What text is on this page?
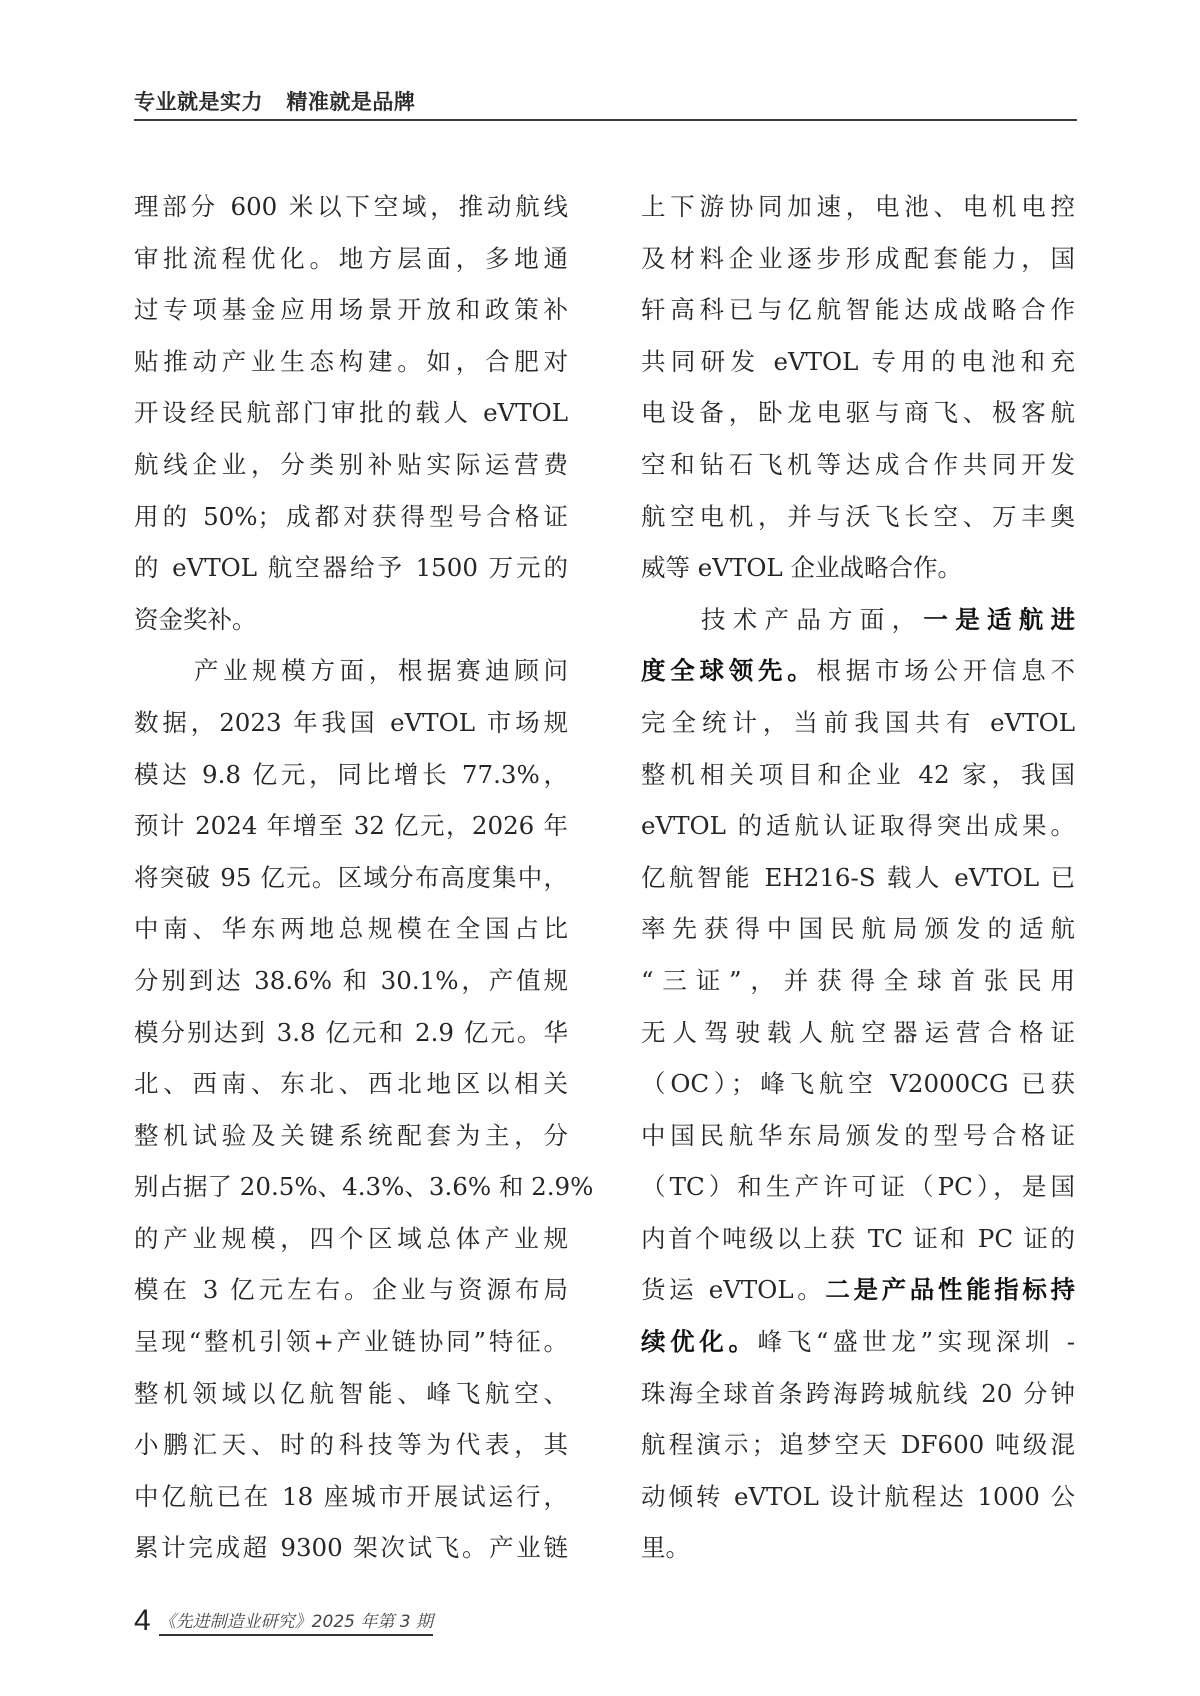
专业就是实力   精准就是品牌
理部分 600 米以下空域，推动航线
审批流程优化。地方层面，多地通
过专项基金应用场景开放和政策补
贴推动产业生态构建。如，合肥对
开设经民航部门审批的载人 eVTOL
航线企业，分类别补贴实际运营费
用的 50%；成都对获得型号合格证
的 eVTOL 航空器给予 1500 万元的
资金奖补。
产业规模方面，根据赛迪顾问
数据，2023 年我国 eVTOL 市场规
模达 9.8 亿元，同比增长 77.3%，
预计 2024 年增至 32 亿元，2026 年
将突破 95 亿元。区域分布高度集中，
中南、华东两地总规模在全国占比
分别到达 38.6% 和 30.1%，产值规
模分别达到 3.8 亿元和 2.9 亿元。华
北、西南、东北、西北地区以相关
整机试验及关键系统配套为主，分
别占据了 20.5%、4.3%、3.6% 和 2.9%
的产业规模，四个区域总体产业规
模在 3 亿元左右。企业与资源布局
呈现“整机引领+产业链协同”特征。
整机领域以亿航智能、峰飞航空、
小鹏汇天、时的科技等为代表，其
中亿航已在 18 座城市开展试运行，
累计完成超 9300 架次试飞。产业链
上下游协同加速，电池、电机电控
及材料企业逐步形成配套能力，国
轩高科已与亿航智能达成战略合作
共同研发 eVTOL 专用的电池和充
电设备，卧龙电驱与商飞、极客航
空和钻石飞机等达成合作共同开发
航空电机，并与沃飞长空、万丰奥
威等 eVTOL 企业战略合作。
技术产品方面，一是适航进
度全球领先。根据市场公开信息不
完全统计，当前我国共有 eVTOL
整机相关项目和企业 42 家，我国
eVTOL 的适航认证取得突出成果。
亿航智能 EH216-S 载人 eVTOL 已
率先获得中国民航局颁发的适航
“三证”，并获得全球首张民用
无人驾驶载人航空器运营合格证
（OC）；峰飞航空 V2000CG 已获
中国民航华东局颁发的型号合格证
（TC）和生产许可证（PC），是国
内首个吨级以上获 TC 证和 PC 证的
货运 eVTOL。二是产品性能指标持
续优化。峰飞“盛世龙”实现深圳 -
珠海全球首条跨海跨城航线 20 分钟
航程演示；追梦空天 DF600 吨级混
动倾转 eVTOL 设计航程达 1000 公
里。
4 《先进制造业研究》2025 年第 3 期
